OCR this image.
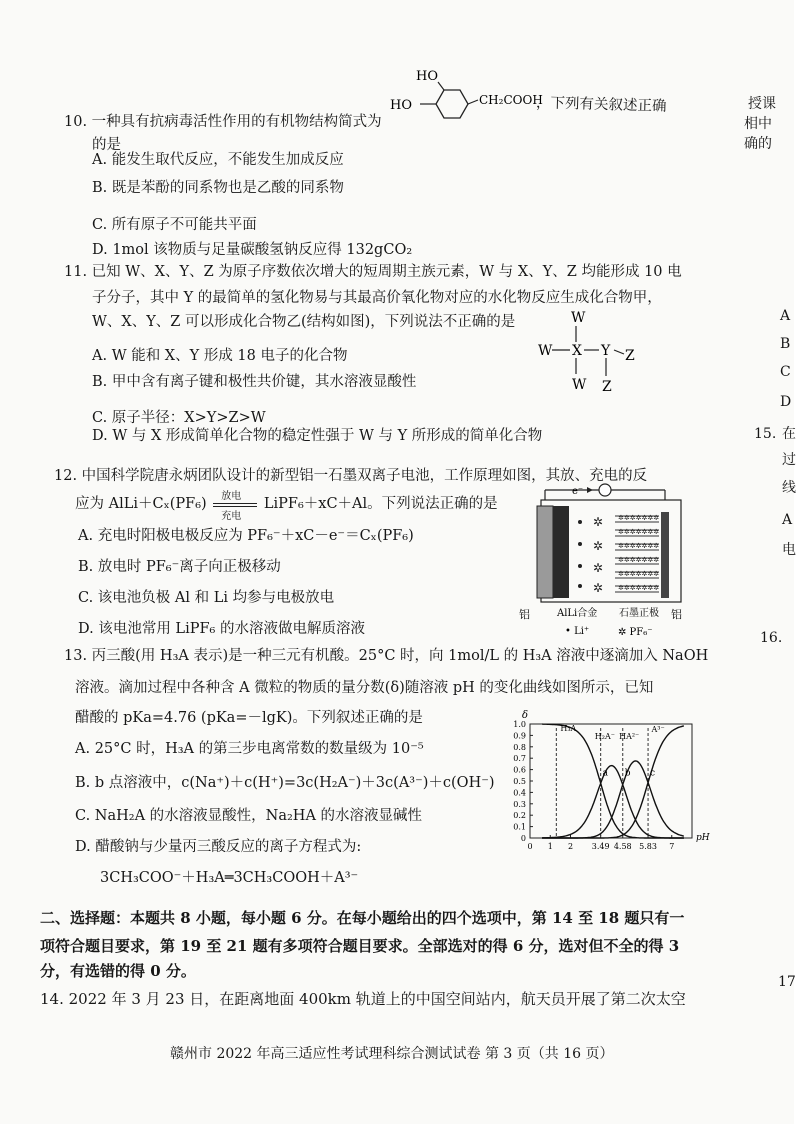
10. 一种具有抗病毒活性作用的有机物结构简式为
HO
HO	CH₂COOH
，下列有关叙述正确
的是
A. 能发生取代反应，不能发生加成反应
B. 既是苯酚的同系物也是乙酸的同系物
C. 所有原子不可能共平面
D. 1mol 该物质与足量碳酸氢钠反应得 132gCO₂
11. 已知 W、X、Y、Z 为原子序数依次增大的短周期主族元素，W 与 X、Y、Z 均能形成 10 电
子分子，其中 Y 的最简单的氢化物易与其最高价氧化物对应的水化物反应生成化合物甲，
W、X、Y、Z 可以形成化合物乙(结构如图)，下列说法不正确的是	W
W X Y Z
W Z
A. W 能和 X、Y 形成 18 电子的化合物
B. 甲中含有离子键和极性共价键，其水溶液显酸性
C. 原子半径：X>Y>Z>W
D. W 与 X 形成简单化合物的稳定性强于 W 与 Y 所形成的简单化合物
12. 中国科学院唐永炳团队设计的新型铝一石墨双离子电池，工作原理如图，其放、充电的反
应为 AlLi＋Cₓ(PF₆) 放电
充电
LiPF₆＋xC＋Al。下列说法正确的是
A. 充电时阳极电极反应为 PF₆⁻＋xC－e⁻＝Cₓ(PF₆)
B. 放电时 PF₆⁻离子向正极移动
C. 该电池负极 Al 和 Li 均参与电极放电
D. 该电池常用 LiPF₆ 的水溶液做电解质溶液
e⁻
✲
✲
✲
✲
✲✲✲✲✲✲✲
✲✲✲✲✲✲✲
✲✲✲✲✲✲✲
✲✲✲✲✲✲✲
✲✲✲✲✲✲✲
✲✲✲✲✲✲✲
铝	AlLi合金 石墨正极 铝
• Li⁺	✲ PF₆⁻
13. 丙三酸(用 H₃A 表示)是一种三元有机酸。25°C 时，向 1mol/L 的 H₃A 溶液中逐滴加入 NaOH
溶液。滴加过程中各种含 A 微粒的物质的量分数(δ)随溶液 pH 的变化曲线如图所示，已知
醋酸的 pKa=4.76 (pKa=－lgK)。下列叙述正确的是
A. 25°C 时，H₃A 的第三步电离常数的数量级为 10⁻⁵
B. b 点溶液中，c(Na⁺)＋c(H⁺)=3c(H₂A⁻)＋3c(A³⁻)＋c(OH⁻)
C. NaH₂A 的水溶液显酸性，Na₂HA 的水溶液显碱性
D. 醋酸钠与少量丙三酸反应的离子方程式为:
3CH₃COO⁻＋H₃A═3CH₃COOH＋A³⁻
δ
pH
0
0.1
0.2
0.3
0.4
0.5
0.6
0.7
0.8
0.9
1.0
0 1 2 3.49 4.58 5.83 7
H₃A
H₂A⁻ HA²⁻
A³⁻
a b c
二、选择题：本题共 8 小题，每小题 6 分。在每小题给出的四个选项中，第 14 至 18 题只有一
项符合题目要求，第 19 至 21 题有多项符合题目要求。全部选对的得 6 分，选对但不全的得 3
分，有选错的得 0 分。
14. 2022 年 3 月 23 日，在距离地面 400km 轨道上的中国空间站内，航天员开展了第二次太空
赣州市 2022 年高三适应性考试理科综合测试试卷 第 3 页（共 16 页）
授课
相中
确的
A
B
C
D
15. 在
过
线
A
电
16.
17
